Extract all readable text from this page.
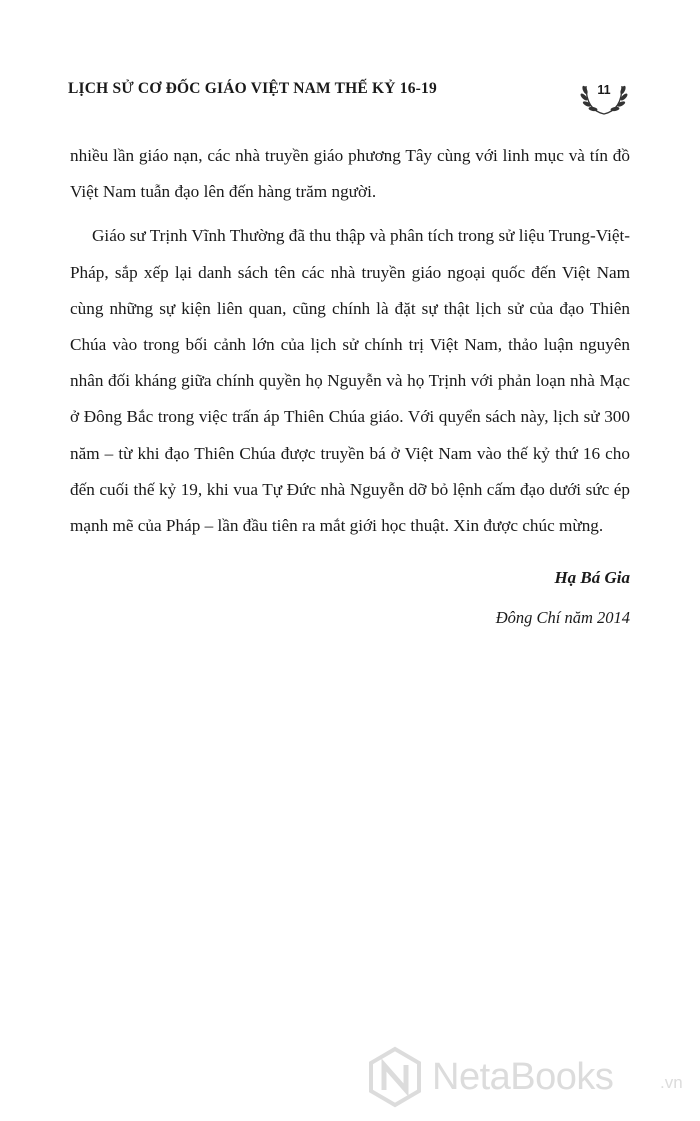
LỊCH SỬ CƠ ĐỐC GIÁO VIỆT NAM THẾ KỶ 16-19	11

nhiều lần giáo nạn, các nhà truyền giáo phương Tây cùng với linh mục và tín đồ Việt Nam tuẫn đạo lên đến hàng trăm người.

Giáo sư Trịnh Vĩnh Thường đã thu thập và phân tích trong sử liệu Trung-Việt-Pháp, sắp xếp lại danh sách tên các nhà truyền giáo ngoại quốc đến Việt Nam cùng những sự kiện liên quan, cũng chính là đặt sự thật lịch sử của đạo Thiên Chúa vào trong bối cảnh lớn của lịch sử chính trị Việt Nam, thảo luận nguyên nhân đối kháng giữa chính quyền họ Nguyễn và họ Trịnh với phản loạn nhà Mạc ở Đông Bắc trong việc trấn áp Thiên Chúa giáo. Với quyển sách này, lịch sử 300 năm – từ khi đạo Thiên Chúa được truyền bá ở Việt Nam vào thế kỷ thứ 16 cho đến cuối thế kỷ 19, khi vua Tự Đức nhà Nguyễn dỡ bỏ lệnh cấm đạo dưới sức ép mạnh mẽ của Pháp – lần đầu tiên ra mắt giới học thuật. Xin được chúc mừng.

Hạ Bá Gia
Đông Chí năm 2014
NetaBooks	.vn
